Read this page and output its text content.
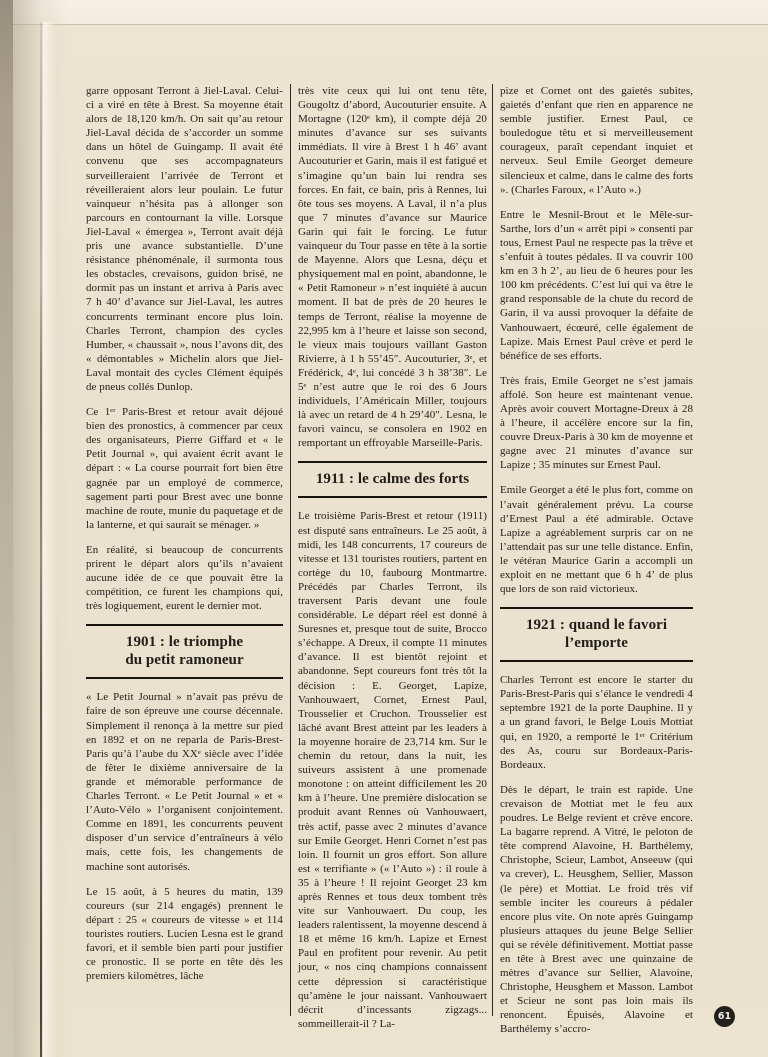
garre opposant Terront à Jiel-Laval. Celui-ci a viré en tête à Brest. Sa moyenne était alors de 18,120 km/h. On sait qu’au retour Jiel-Laval décida de s’accorder un somme dans un hôtel de Guingamp. Il avait été convenu que ses accompagnateurs surveilleraient l’arrivée de Terront et réveilleraient alors leur poulain. Le futur vainqueur n’hésita pas à allonger son parcours en contournant la ville. Lorsque Jiel-Laval « émergea », Terront avait déjà pris une avance substantielle. D’une résistance phénoménale, il surmonta tous les obstacles, crevaisons, guidon brisé, ne dormit pas un instant et arriva à Paris avec 7 h 40’ d’avance sur Jiel-Laval, les autres concurrents terminant encore plus loin. Charles Terront, champion des cycles Humber, « chaussait », nous l’avons dit, des « démontables » Michelin alors que Jiel-Laval montait des cycles Clément équipés de pneus collés Dunlop.

Ce 1ᵉʳ Paris-Brest et retour avait déjoué bien des pronostics, à commencer par ceux des organisateurs, Pierre Giffard et « le Petit Journal », qui avaient écrit avant le départ : « La course pourrait fort bien être gagnée par un employé de commerce, sagement parti pour Brest avec une bonne machine de route, munie du paquetage et de la lanterne, et qui saurait se ménager. »

En réalité, si beaucoup de concurrents prirent le départ alors qu’ils n’avaient aucune idée de ce que pouvait être la compétition, ce furent les champions qui, très logiquement, eurent le dernier mot.

1901 : le triomphe
du petit ramoneur

« Le Petit Journal » n’avait pas prévu de faire de son épreuve une course décennale. Simplement il renonça à la mettre sur pied en 1892 et on ne reparla de Paris-Brest-Paris qu’à l’aube du XXᵉ siècle avec l’idée de fêter le dixième anniversaire de la grande et mémorable performance de Charles Terront. « Le Petit Journal » et « l’Auto-Vélo » l’organisent conjointement. Comme en 1891, les concurrents peuvent disposer d’un service d’entraîneurs à vélo mais, cette fois, les changements de machine sont autorisés.

Le 15 août, à 5 heures du matin, 139 coureurs (sur 214 engagés) prennent le départ : 25 « coureurs de vitesse » et 114 touristes routiers. Lucien Lesna est le grand favori, et il semble bien parti pour justifier ce pronostic. Il se porte en tête dès les premiers kilomètres, lâche

très vite ceux qui lui ont tenu tête, Gougoltz d’abord, Aucouturier ensuite. A Mortagne (120ᵉ km), il compte déjà 20 minutes d’avance sur ses suivants immédiats. Il vire à Brest 1 h 46’ avant Aucouturier et Garin, mais il est fatigué et s’imagine qu’un bain lui rendra ses forces. En fait, ce bain, pris à Rennes, lui ôte tous ses moyens. A Laval, il n’a plus que 7 minutes d’avance sur Maurice Garin qui fait le forcing. Le futur vainqueur du Tour passe en tête à la sortie de Mayenne. Alors que Lesna, déçu et physiquement mal en point, abandonne, le « Petit Ramoneur » n’est inquiété à aucun moment. Il bat de près de 20 heures le temps de Terront, réalise la moyenne de 22,995 km à l’heure et laisse son second, le vieux mais toujours vaillant Gaston Rivierre, à 1 h 55’45″. Aucouturier, 3ᵉ, et Frédérick, 4ᵉ, lui concédé 3 h 38’38″. Le 5ᵉ n’est autre que le roi des 6 Jours individuels, l’Américain Miller, toujours là avec un retard de 4 h 29’40″. Lesna, le favori vaincu, se consolera en 1902 en remportant un effroyable Marseille-Paris.

1911 : le calme des forts

Le troisième Paris-Brest et retour (1911) est disputé sans entraîneurs. Le 25 août, à midi, les 148 concurrents, 17 coureurs de vitesse et 131 touristes routiers, partent en cortège du 10, faubourg Montmartre. Précédés par Charles Terront, ils traversent Paris devant une foule considérable. Le départ réel est donné à Suresnes et, presque tout de suite, Brocco s’échappe. A Dreux, il compte 11 minutes d’avance. Il est bientôt rejoint et abandonne. Sept coureurs font très tôt la décision : E. Georget, Lapize, Vanhouwaert, Cornet, Ernest Paul, Trousselier et Cruchon. Trousselier est lâché avant Brest atteint par les leaders à la moyenne horaire de 23,714 km. Sur le chemin du retour, dans la nuit, les suiveurs assistent à une promenade monotone : on atteint difficilement les 20 km à l’heure. Une première dislocation se produit avant Rennes où Vanhouwaert, très actif, passe avec 2 minutes d’avance sur Emile Georget. Henri Cornet n’est pas loin. Il fournit un gros effort. Son allure est « terrifiante » (« l’Auto ») : il roule à 35 à l’heure ! Il rejoint Georget 23 km après Rennes et tous deux tombent très vite sur Vanhouwaert. Du coup, les leaders ralentissent, la moyenne descend à 18 et même 16 km/h. Lapize et Ernest Paul en profitent pour revenir. Au petit jour, « nos cinq champions connaissent cette dépression si caractéristique qu’amène le jour naissant. Vanhouwaert décrit d’incessants zigzags... sommeillerait-il ? La-

pize et Cornet ont des gaietés subites, gaietés d’enfant que rien en apparence ne semble justifier. Ernest Paul, ce bouledogue têtu et si merveilleusement courageux, paraît cependant inquiet et nerveux. Seul Emile Georget demeure silencieux et calme, dans le calme des forts ». (Charles Faroux, « l’Auto ».)

Entre le Mesnil-Brout et le Mêle-sur-Sarthe, lors d’un « arrêt pipi » consenti par tous, Ernest Paul ne respecte pas la trêve et s’enfuit à toutes pédales. Il va couvrir 100 km en 3 h 2’, au lieu de 6 heures pour les 100 km précédents. C’est lui qui va être le grand responsable de la chute du record de Garin, il va aussi provoquer la défaite de Vanhouwaert, écœuré, celle également de Lapize. Mais Ernest Paul crève et perd le bénéfice de ses efforts.

Très frais, Emile Georget ne s’est jamais affolé. Son heure est maintenant venue. Après avoir couvert Mortagne-Dreux à 28 à l’heure, il accélère encore sur la fin, couvre Dreux-Paris à 30 km de moyenne et gagne avec 21 minutes d’avance sur Lapize ; 35 minutes sur Ernest Paul.

Emile Georget a été le plus fort, comme on l’avait généralement prévu. La course d’Ernest Paul a été admirable. Octave Lapize a agréablement surpris car on ne l’attendait pas sur une telle distance. Enfin, le vétéran Maurice Garin a accompli un exploit en ne mettant que 6 h 4’ de plus que lors de son raid victorieux.

1921 : quand le favori
l’emporte

Charles Terront est encore le starter du Paris-Brest-Paris qui s’élance le vendredi 4 septembre 1921 de la porte Dauphine. Il y a un grand favori, le Belge Louis Mottiat qui, en 1920, a remporté le 1ᵉʳ Critérium des As, couru sur Bordeaux-Paris-Bordeaux.

Dès le départ, le train est rapide. Une crevaison de Mottiat met le feu aux poudres. Le Belge revient et crève encore. La bagarre reprend. A Vitré, le peloton de tête comprend Alavoine, H. Barthélemy, Christophe, Scieur, Lambot, Anseeuw (qui va crever), L. Heusghem, Sellier, Masson (le père) et Mottiat. Le froid très vif semble inciter les coureurs à pédaler encore plus vite. On note après Guingamp plusieurs attaques du jeune Belge Sellier qui se révèle définitivement. Mottiat passe en tête à Brest avec une quinzaine de mètres d’avance sur Sellier, Alavoine, Christophe, Heusghem et Masson. Lambot et Scieur ne sont pas loin mais ils renoncent. Épuisés, Alavoine et Barthélemy s’accro-

61
